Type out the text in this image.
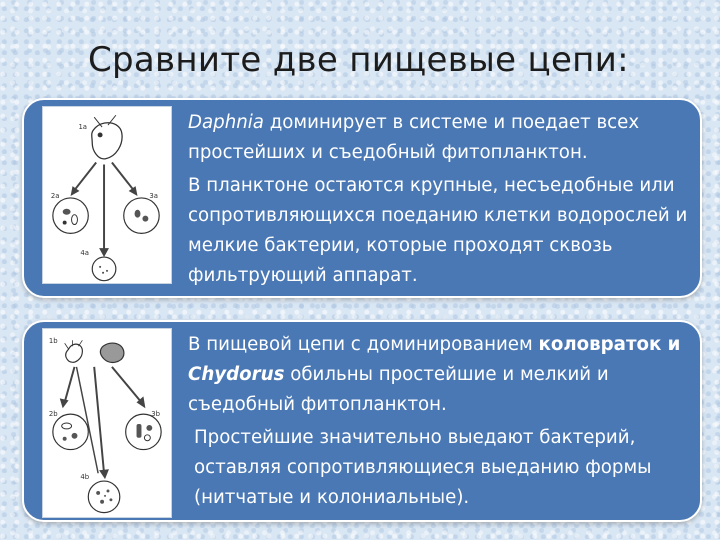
Сравните две пищевые цепи:
1a
2a	3a
4a

Daphnia доминирует в системе и поедает всех простейших и съедобный фитопланктон.

В планктоне остаются крупные, несъедобные или сопротивляющихся поеданию клетки водорослей и мелкие бактерии, которые проходят сквозь фильтрующий аппарат.

1b
2b	3b
4b

В пищевой цепи с доминированием коловраток и Chydorus обильны простейшие и мелкий и съедобный фитопланктон.

Простейшие значительно выедают бактерий, оставляя сопротивляющиеся выеданию формы (нитчатые и колониальные).
